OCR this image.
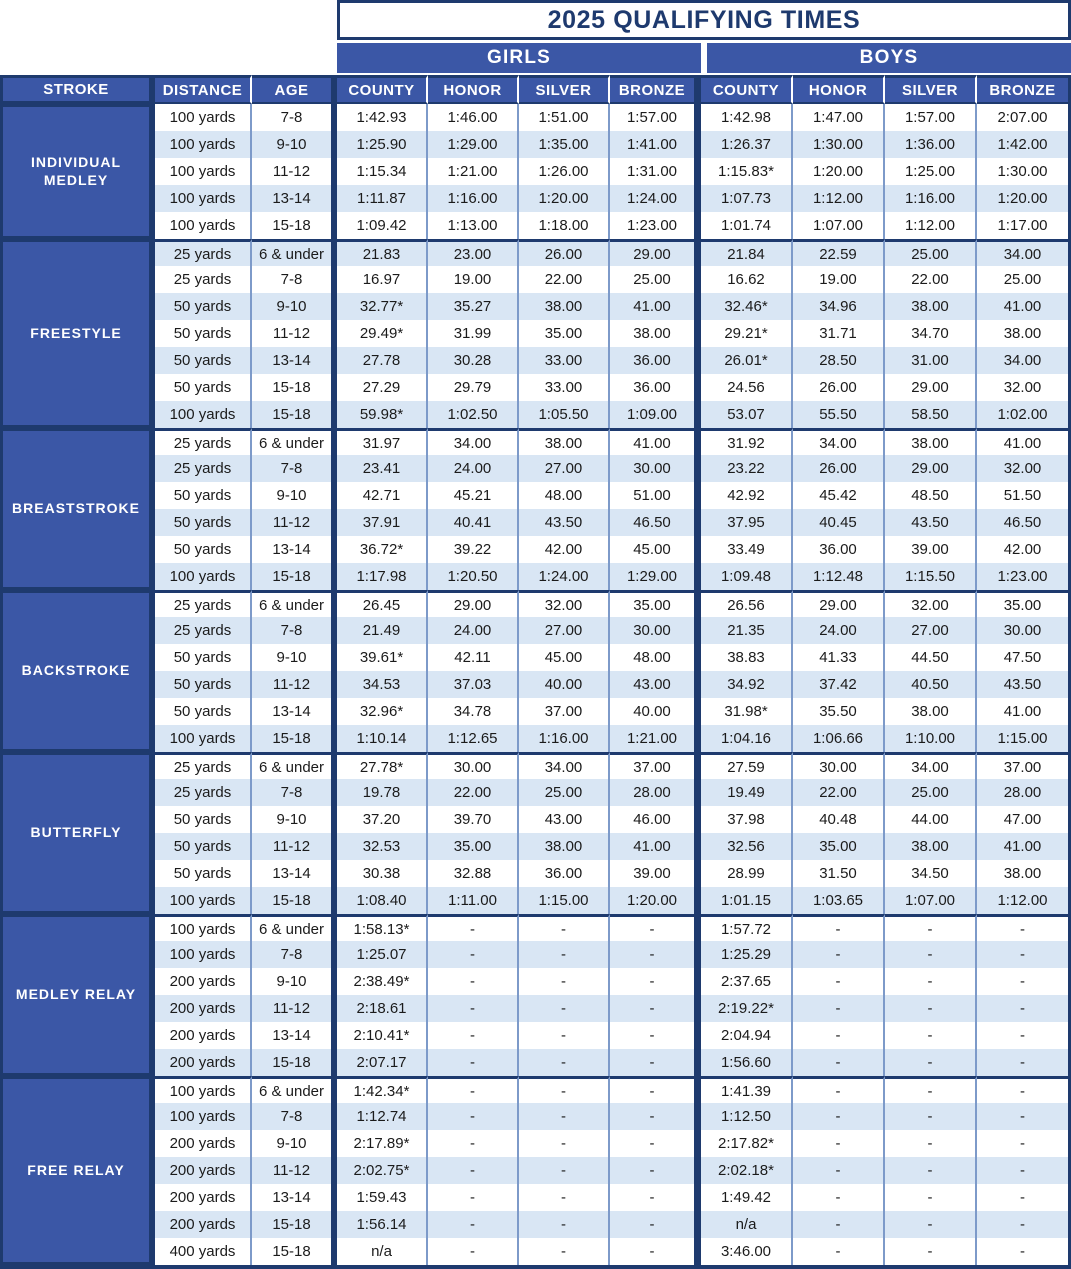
2025 QUALIFYING TIMES
GIRLS	BOYS
STROKE	DISTANCE	AGE	COUNTY	HONOR	SILVER	BRONZE	COUNTY	HONOR	SILVER	BRONZE
INDIVIDUAL MEDLEY
100 yards	7-8	1:42.93	1:46.00	1:51.00	1:57.00	1:42.98	1:47.00	1:57.00	2:07.00
100 yards	9-10	1:25.90	1:29.00	1:35.00	1:41.00	1:26.37	1:30.00	1:36.00	1:42.00
100 yards	11-12	1:15.34	1:21.00	1:26.00	1:31.00	1:15.83*	1:20.00	1:25.00	1:30.00
100 yards	13-14	1:11.87	1:16.00	1:20.00	1:24.00	1:07.73	1:12.00	1:16.00	1:20.00
100 yards	15-18	1:09.42	1:13.00	1:18.00	1:23.00	1:01.74	1:07.00	1:12.00	1:17.00
FREESTYLE
25 yards	6 & under	21.83	23.00	26.00	29.00	21.84	22.59	25.00	34.00
25 yards	7-8	16.97	19.00	22.00	25.00	16.62	19.00	22.00	25.00
50 yards	9-10	32.77*	35.27	38.00	41.00	32.46*	34.96	38.00	41.00
50 yards	11-12	29.49*	31.99	35.00	38.00	29.21*	31.71	34.70	38.00
50 yards	13-14	27.78	30.28	33.00	36.00	26.01*	28.50	31.00	34.00
50 yards	15-18	27.29	29.79	33.00	36.00	24.56	26.00	29.00	32.00
100 yards	15-18	59.98*	1:02.50	1:05.50	1:09.00	53.07	55.50	58.50	1:02.00
BREASTSTROKE
25 yards	6 & under	31.97	34.00	38.00	41.00	31.92	34.00	38.00	41.00
25 yards	7-8	23.41	24.00	27.00	30.00	23.22	26.00	29.00	32.00
50 yards	9-10	42.71	45.21	48.00	51.00	42.92	45.42	48.50	51.50
50 yards	11-12	37.91	40.41	43.50	46.50	37.95	40.45	43.50	46.50
50 yards	13-14	36.72*	39.22	42.00	45.00	33.49	36.00	39.00	42.00
100 yards	15-18	1:17.98	1:20.50	1:24.00	1:29.00	1:09.48	1:12.48	1:15.50	1:23.00
BACKSTROKE
25 yards	6 & under	26.45	29.00	32.00	35.00	26.56	29.00	32.00	35.00
25 yards	7-8	21.49	24.00	27.00	30.00	21.35	24.00	27.00	30.00
50 yards	9-10	39.61*	42.11	45.00	48.00	38.83	41.33	44.50	47.50
50 yards	11-12	34.53	37.03	40.00	43.00	34.92	37.42	40.50	43.50
50 yards	13-14	32.96*	34.78	37.00	40.00	31.98*	35.50	38.00	41.00
100 yards	15-18	1:10.14	1:12.65	1:16.00	1:21.00	1:04.16	1:06.66	1:10.00	1:15.00
BUTTERFLY
25 yards	6 & under	27.78*	30.00	34.00	37.00	27.59	30.00	34.00	37.00
25 yards	7-8	19.78	22.00	25.00	28.00	19.49	22.00	25.00	28.00
50 yards	9-10	37.20	39.70	43.00	46.00	37.98	40.48	44.00	47.00
50 yards	11-12	32.53	35.00	38.00	41.00	32.56	35.00	38.00	41.00
50 yards	13-14	30.38	32.88	36.00	39.00	28.99	31.50	34.50	38.00
100 yards	15-18	1:08.40	1:11.00	1:15.00	1:20.00	1:01.15	1:03.65	1:07.00	1:12.00
MEDLEY RELAY
100 yards	6 & under	1:58.13*	-	-	-	1:57.72	-	-	-
100 yards	7-8	1:25.07	-	-	-	1:25.29	-	-	-
200 yards	9-10	2:38.49*	-	-	-	2:37.65	-	-	-
200 yards	11-12	2:18.61	-	-	-	2:19.22*	-	-	-
200 yards	13-14	2:10.41*	-	-	-	2:04.94	-	-	-
200 yards	15-18	2:07.17	-	-	-	1:56.60	-	-	-
FREE RELAY
100 yards	6 & under	1:42.34*	-	-	-	1:41.39	-	-	-
100 yards	7-8	1:12.74	-	-	-	1:12.50	-	-	-
200 yards	9-10	2:17.89*	-	-	-	2:17.82*	-	-	-
200 yards	11-12	2:02.75*	-	-	-	2:02.18*	-	-	-
200 yards	13-14	1:59.43	-	-	-	1:49.42	-	-	-
200 yards	15-18	1:56.14	-	-	-	n/a	-	-	-
400 yards	15-18	n/a	-	-	-	3:46.00	-	-	-
